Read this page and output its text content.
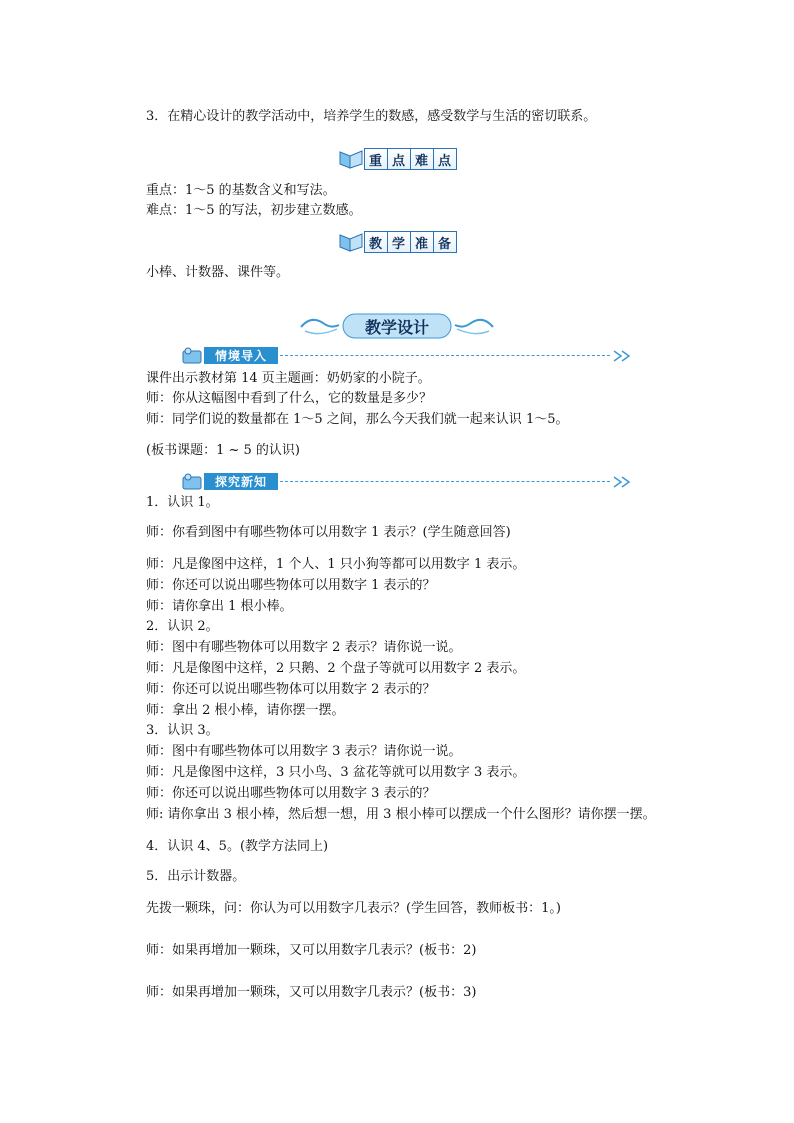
3．在精心设计的教学活动中，培养学生的数感，感受数学与生活的密切联系。
重 点 难 点
重点：1～5 的基数含义和写法。
难点：1～5 的写法，初步建立数感。
教 学 准 备
小棒、计数器、课件等。
教学设计
情境导入
课件出示教材第 14 页主题画：奶奶家的小院子。
师：你从这幅图中看到了什么，它的数量是多少？
师：同学们说的数量都在 1～5 之间，那么今天我们就一起来认识 1～5。
(板书课题：1 ~ 5 的认识)
探究新知
1．认识 1。
师：你看到图中有哪些物体可以用数字 1 表示？(学生随意回答)
师：凡是像图中这样，1 个人、1 只小狗等都可以用数字 1 表示。
师：你还可以说出哪些物体可以用数字 1 表示的？
师：请你拿出 1 根小棒。
2．认识 2。
师：图中有哪些物体可以用数字 2 表示？请你说一说。
师：凡是像图中这样，2 只鹅、2 个盘子等就可以用数字 2 表示。
师：你还可以说出哪些物体可以用数字 2 表示的？
师：拿出 2 根小棒，请你摆一摆。
3．认识 3。
师：图中有哪些物体可以用数字 3 表示？请你说一说。
师：凡是像图中这样，3 只小鸟、3 盆花等就可以用数字 3 表示。
师：你还可以说出哪些物体可以用数字 3 表示的？
师: 请你拿出 3 根小棒，然后想一想，用 3 根小棒可以摆成一个什么图形？请你摆一摆。
4．认识 4、5。(教学方法同上)
5．出示计数器。
先拨一颗珠，问：你认为可以用数字几表示？(学生回答，教师板书：1。)
师：如果再增加一颗珠，又可以用数字几表示？(板书：2)
师：如果再增加一颗珠，又可以用数字几表示？(板书：3)
